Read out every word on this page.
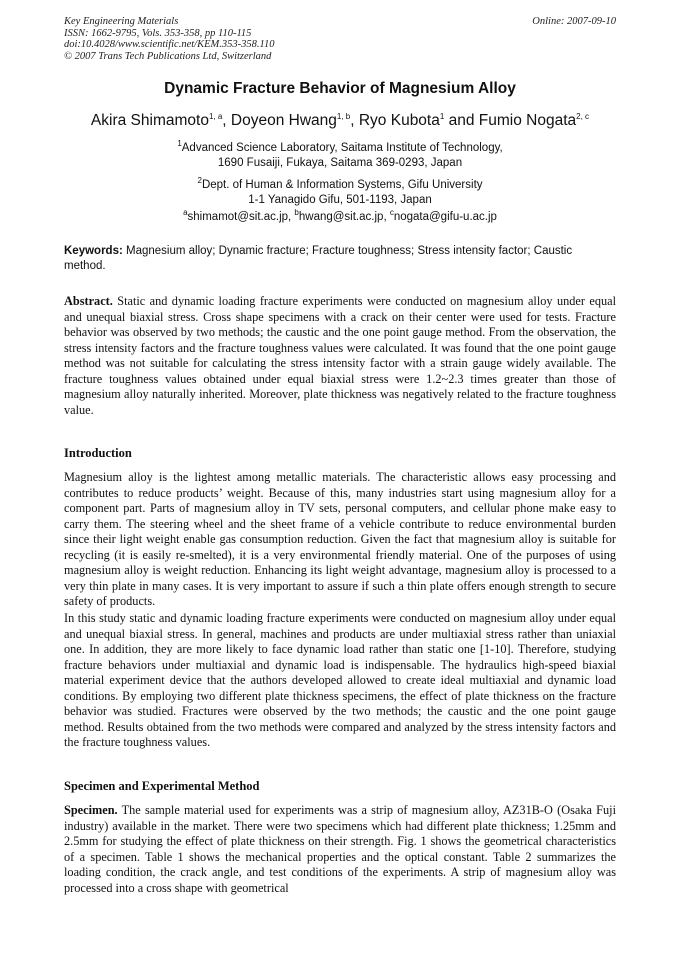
Key Engineering Materials
ISSN: 1662-9795, Vols. 353-358, pp 110-115
doi:10.4028/www.scientific.net/KEM.353-358.110
© 2007 Trans Tech Publications Ltd, Switzerland
Online: 2007-09-10
Dynamic Fracture Behavior of Magnesium Alloy
Akira Shimamoto$^{1, a}$, Doyeon Hwang$^{1, b}$, Ryo Kubota$^1$ and Fumio Nogata$^{2, c}$
$^1$Advanced Science Laboratory, Saitama Institute of Technology,
1690 Fusaiji, Fukaya, Saitama 369-0293, Japan
$^2$Dept. of Human & Information Systems, Gifu University
1-1 Yanagido Gifu, 501-1193, Japan
$^a$shimamot@sit.ac.jp, $^b$hwang@sit.ac.jp, $^c$nogata@gifu-u.ac.jp
Keywords: Magnesium alloy; Dynamic fracture; Fracture toughness; Stress intensity factor; Caustic method.
Abstract. Static and dynamic loading fracture experiments were conducted on magnesium alloy under equal and unequal biaxial stress. Cross shape specimens with a crack on their center were used for tests. Fracture behavior was observed by two methods; the caustic and the one point gauge method. From the observation, the stress intensity factors and the fracture toughness values were calculated. It was found that the one point gauge method was not suitable for calculating the stress intensity factor with a strain gauge widely available. The fracture toughness values obtained under equal biaxial stress were 1.2~2.3 times greater than those of magnesium alloy naturally inherited. Moreover, plate thickness was negatively related to the fracture toughness value.
Introduction
Magnesium alloy is the lightest among metallic materials. The characteristic allows easy processing and contributes to reduce products’ weight. Because of this, many industries start using magnesium alloy for a component part. Parts of magnesium alloy in TV sets, personal computers, and cellular phone make easy to carry them. The steering wheel and the sheet frame of a vehicle contribute to reduce environmental burden since their light weight enable gas consumption reduction. Given the fact that magnesium alloy is suitable for recycling (it is easily re-smelted), it is a very environmental friendly material. One of the purposes of using magnesium alloy is weight reduction. Enhancing its light weight advantage, magnesium alloy is processed to a very thin plate in many cases. It is very important to assure if such a thin plate offers enough strength to secure safety of products.
In this study static and dynamic loading fracture experiments were conducted on magnesium alloy under equal and unequal biaxial stress. In general, machines and products are under multiaxial stress rather than uniaxial one. In addition, they are more likely to face dynamic load rather than static one [1-10]. Therefore, studying fracture behaviors under multiaxial and dynamic load is indispensable. The hydraulics high-speed biaxial material experiment device that the authors developed allowed to create ideal multiaxial and dynamic load conditions. By employing two different plate thickness specimens, the effect of plate thickness on the fracture behavior was studied. Fractures were observed by the two methods; the caustic and the one point gauge method. Results obtained from the two methods were compared and analyzed by the stress intensity factors and the fracture toughness values.
Specimen and Experimental Method
Specimen. The sample material used for experiments was a strip of magnesium alloy, AZ31B-O (Osaka Fuji industry) available in the market. There were two specimens which had different plate thickness; 1.25mm and 2.5mm for studying the effect of plate thickness on their strength. Fig. 1 shows the geometrical characteristics of a specimen. Table 1 shows the mechanical properties and the optical constant. Table 2 summarizes the loading condition, the crack angle, and test conditions of the experiments. A strip of magnesium alloy was processed into a cross shape with geometrical
